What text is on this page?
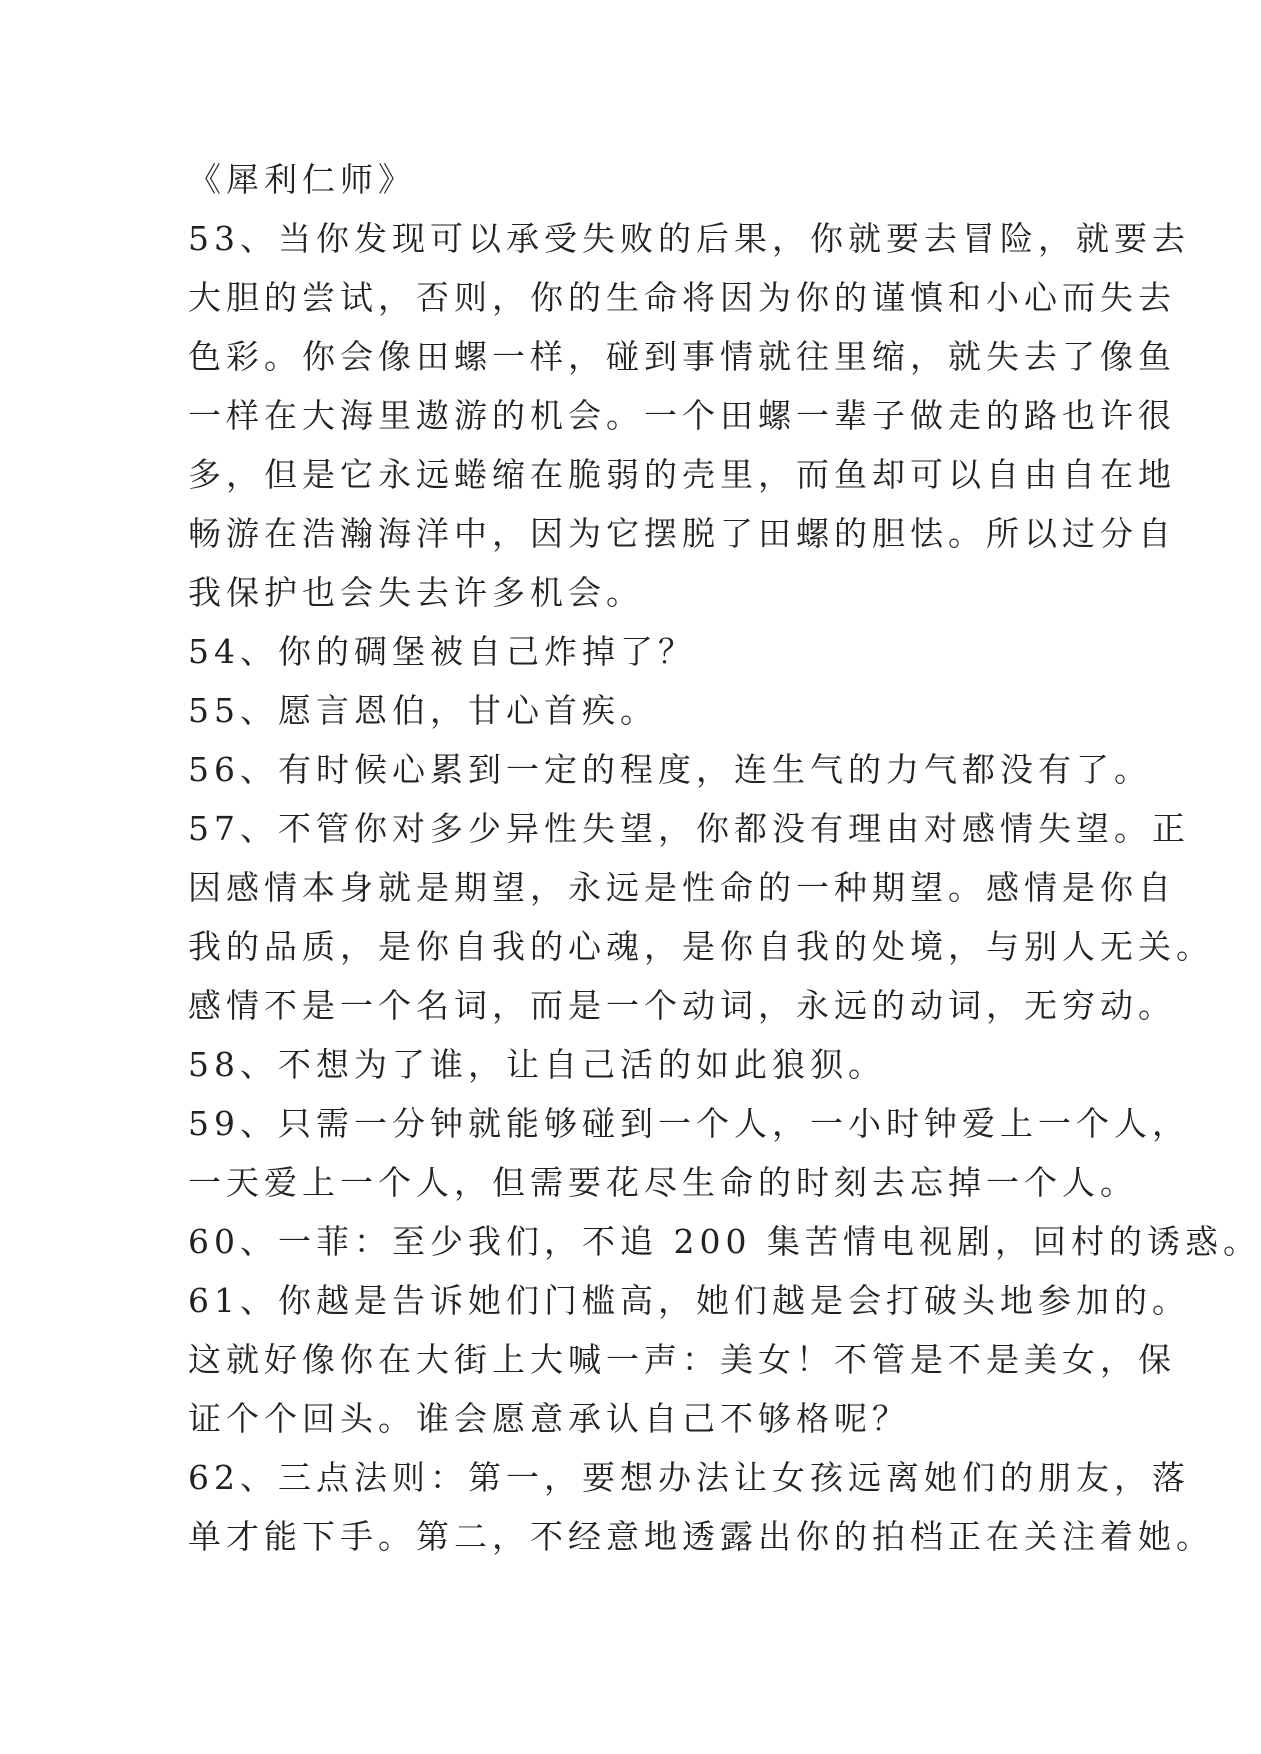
《犀利仁师》
53、当你发现可以承受失败的后果，你就要去冒险，就要去
大胆的尝试，否则，你的生命将因为你的谨慎和小心而失去
色彩。你会像田螺一样，碰到事情就往里缩，就失去了像鱼
一样在大海里遨游的机会。一个田螺一辈子做走的路也许很
多，但是它永远蜷缩在脆弱的壳里，而鱼却可以自由自在地
畅游在浩瀚海洋中，因为它摆脱了田螺的胆怯。所以过分自
我保护也会失去许多机会。
54、你的碉堡被自己炸掉了？
55、愿言恩伯，甘心首疾。
56、有时候心累到一定的程度，连生气的力气都没有了。
57、不管你对多少异性失望，你都没有理由对感情失望。正
因感情本身就是期望，永远是性命的一种期望。感情是你自
我的品质，是你自我的心魂，是你自我的处境，与别人无关。
感情不是一个名词，而是一个动词，永远的动词，无穷动。
58、不想为了谁，让自己活的如此狼狈。
59、只需一分钟就能够碰到一个人，一小时钟爱上一个人，
一天爱上一个人，但需要花尽生命的时刻去忘掉一个人。
60、一菲：至少我们，不追 200 集苦情电视剧，回村的诱惑。
61、你越是告诉她们门槛高，她们越是会打破头地参加的。
这就好像你在大街上大喊一声：美女！不管是不是美女，保
证个个回头。谁会愿意承认自己不够格呢？
62、三点法则：第一，要想办法让女孩远离她们的朋友，落
单才能下手。第二，不经意地透露出你的拍档正在关注着她。
